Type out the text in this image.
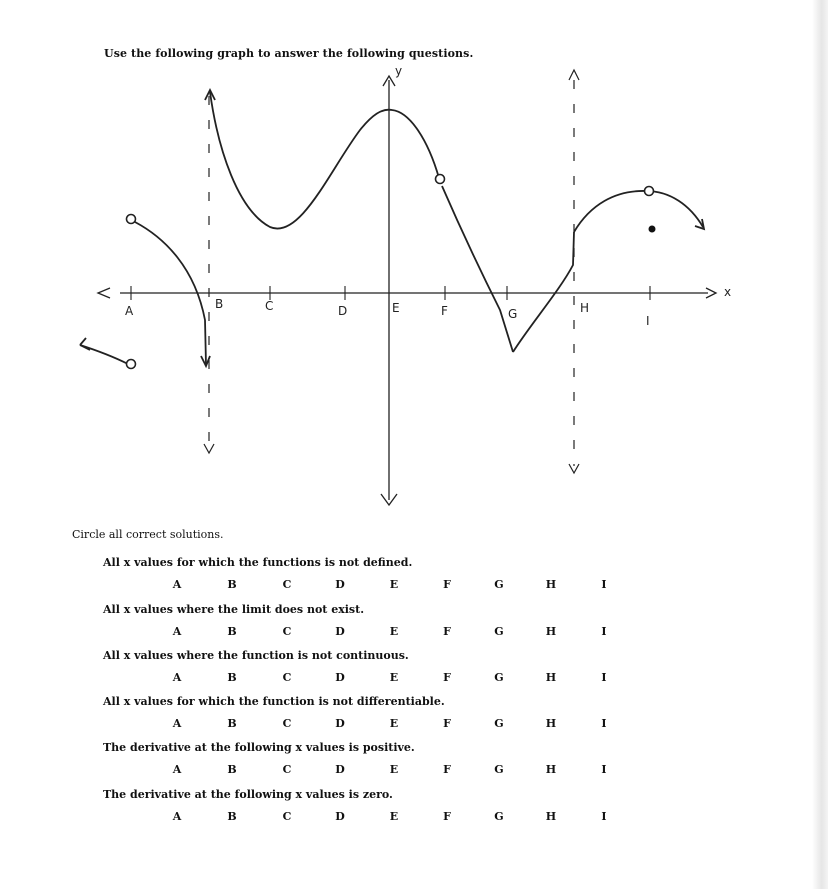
Use the following graph to answer the following questions.
x
y
A	B	C	D	E	F	G	H
I
Circle all correct solutions.
All x values for which the functions is not defined.
A	B	C	D	E	F	G	H	I
All x values where the limit does not exist.
A	B	C	D	E	F	G	H	I
All x values where the function is not continuous.
A	B	C	D	E	F	G	H	I
All x values for which the function is not differentiable.
A	B	C	D	E	F	G	H	I
The derivative at the following x values is positive.
A	B	C	D	E	F	G	H	I
The derivative at the following x values is zero.
A	B	C	D	E	F	G	H	I
